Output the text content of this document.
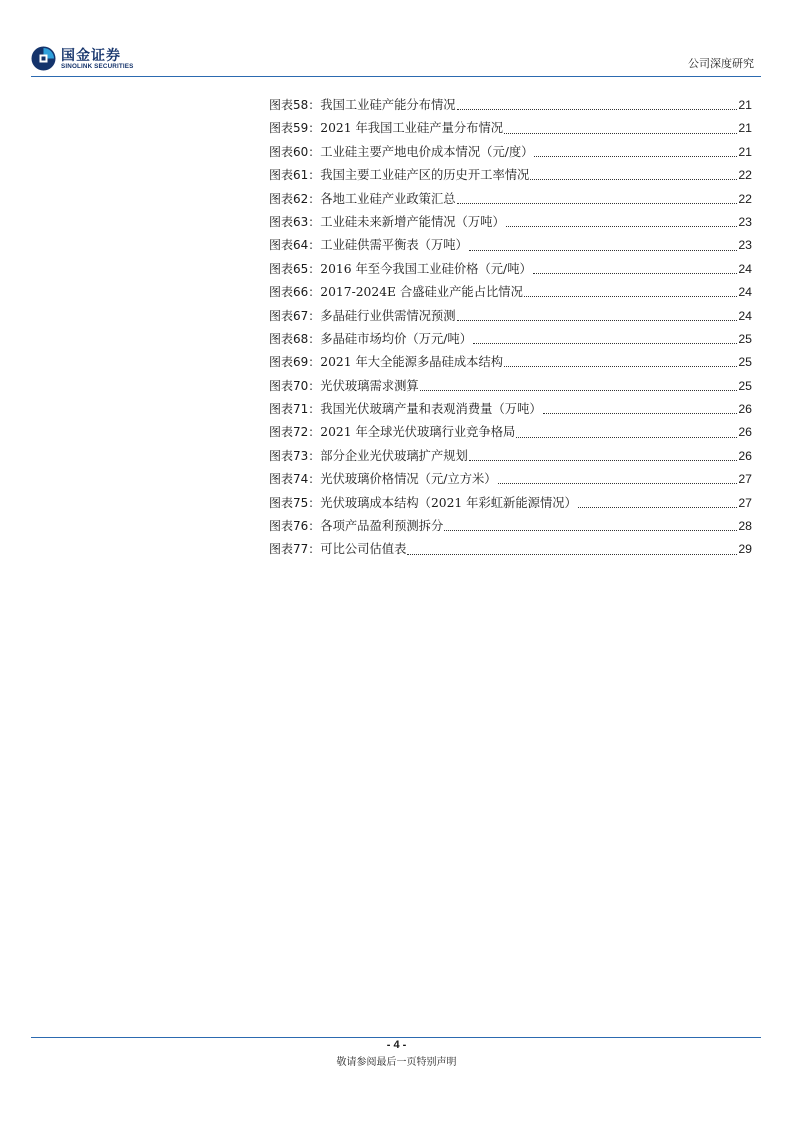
国金证券
SINOLINK SECURITIES	公司深度研究
图表58： 我国工业硅产能分布情况	21
图表59： 2021 年我国工业硅产量分布情况	21
图表60： 工业硅主要产地电价成本情况（元/度）	21
图表61： 我国主要工业硅产区的历史开工率情况	22
图表62： 各地工业硅产业政策汇总	22
图表63： 工业硅未来新增产能情况（万吨）	23
图表64： 工业硅供需平衡表（万吨）	23
图表65： 2016 年至今我国工业硅价格（元/吨）	24
图表66： 2017-2024E 合盛硅业产能占比情况	24
图表67： 多晶硅行业供需情况预测	24
图表68： 多晶硅市场均价（万元/吨）	25
图表69： 2021 年大全能源多晶硅成本结构	25
图表70： 光伏玻璃需求测算	25
图表71： 我国光伏玻璃产量和表观消费量（万吨）	26
图表72： 2021 年全球光伏玻璃行业竞争格局	26
图表73： 部分企业光伏玻璃扩产规划	26
图表74： 光伏玻璃价格情况（元/立方米）	27
图表75： 光伏玻璃成本结构（2021 年彩虹新能源情况）	27
图表76： 各项产品盈利预测拆分	28
图表77： 可比公司估值表	29
- 4 -
敬请参阅最后一页特别声明
